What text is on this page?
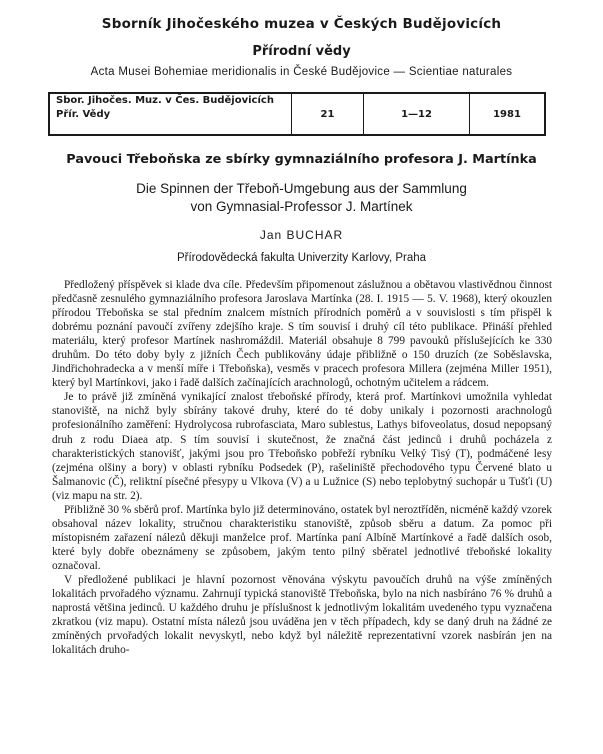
Sborník Jihočeského muzea v Českých Budějovicích
Přírodní vědy
Acta Musei Bohemiae meridionalis in České Budějovice — Scientiae naturales
Sbor. Jihočes. Muz. v Čes. Budějovicích
Přír. Vědy	21	1—12	1981
Pavouci Třeboňska ze sbírky gymnaziálního profesora J. Martínka
Die Spinnen der Třeboň-Umgebung aus der Sammlung
von Gymnasial-Professor J. Martínek
Jan BUCHAR
Přírodovědecká fakulta Univerzity Karlovy, Praha

Předložený příspěvek si klade dva cíle. Především připomenout záslužnou a obětavou vlastivědnou činnost předčasně zesnulého gymnaziálního profesora Jaroslava Martínka (28. I. 1915 — 5. V. 1968), který okouzlen přírodou Třeboňska se stal předním znalcem místních přírodních poměrů a v souvislosti s tím přispěl k dobrému poznání pavoučí zvířeny zdejšího kraje. S tím souvisí i druhý cíl této publikace. Přináší přehled materiálu, který profesor Martínek nashromáždil. Materiál obsahuje 8 799 pavouků příslušejících ke 330 druhům. Do této doby byly z jižních Čech publikovány údaje přibližně o 150 druzích (ze Soběslavska, Jindřichohradecka a v menší míře i Třeboňska), vesměs v pracech profesora Millera (zejména Miller 1951), který byl Martínkovi, jako i řadě dalších začínajících arachnologů, ochotným učitelem a rádcem.

Je to právě již zmíněná vynikající znalost třeboňské přírody, která prof. Martínkovi umožnila vyhledat stanoviště, na nichž byly sbírány takové druhy, které do té doby unikaly i pozornosti arachnologů profesionálního zaměření: Hydrolycosa rubrofasciata, Maro sublestus, Lathys bifoveolatus, dosud nepopsaný druh z rodu Diaea atp. S tím souvisí i skutečnost, že značná část jedinců i druhů pocházela z charakteristických stanovišť, jakými jsou pro Třeboňsko pobřeží rybníku Velký Tisý (T), podmáčené lesy (zejména olšiny a bory) v oblasti rybníku Podsedek (P), rašeliniště přechodového typu Červené blato u Šalmanovic (Č), reliktní písečné přesypy u Vlkova (V) a u Lužnice (S) nebo teplobytný suchopár u Tušťi (U) (viz mapu na str. 2).

Přibližně 30 % sběrů prof. Martínka bylo již determinováno, ostatek byl neroztříděn, nicméně každý vzorek obsahoval název lokality, stručnou charakteristiku stanoviště, způsob sběru a datum. Za pomoc při místopisném zařazení nálezů děkuji manželce prof. Martínka paní Albíně Martínkové a řadě dalších osob, které byly dobře obeznámeny se způsobem, jakým tento pilný sběratel jednotlivé třeboňské lokality označoval.

V předložené publikaci je hlavní pozornost věnována výskytu pavoučích druhů na výše zmíněných lokalitách prvořadého významu. Zahrnují typická stanoviště Třeboňska, bylo na nich nasbíráno 76 % druhů a naprostá většina jedinců. U každého druhu je příslušnost k jednotlivým lokalitám uvedeného typu vyznačena zkratkou (viz mapu). Ostatní místa nálezů jsou uváděna jen v těch případech, kdy se daný druh na žádné ze zmíněných prvořadých lokalit nevyskytl, nebo když byl náležitě reprezentativní vzorek nasbírán jen na lokalitách druho-
